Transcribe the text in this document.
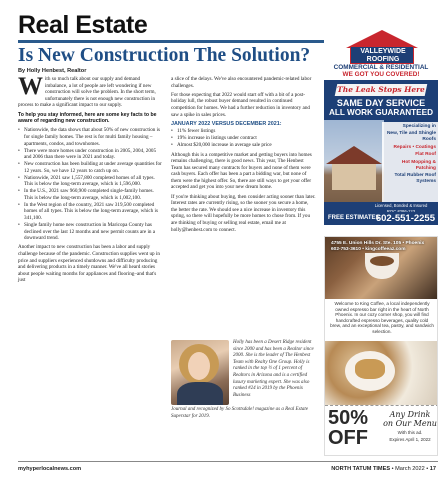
Real Estate
Is New Construction The Solution?
By Holly Henbest, Realtor

With so much talk about our supply and demand imbalance, a lot of people are left wondering if new construction will solve the problem. In the short term, unfortunately there is not enough new construction in process to make a significant impact to our supply.

To help you stay informed, here are some key facts to be aware of regarding new construction.

• Nationwide, the data shows that about 50% of new construction is for single family homes. The rest is for multi family housing – apartments, condos, and townhomes.
• There were more homes under construction in 2005, 2004, 2005 and 2006 than there were in 2021 and today.
• New construction has been building at under average quantities for 12 years. So, we have 12 years to catch up on.
• Nationwide, 2021 saw 1,557,800 completed homes of all types. This is below the long-term average, which is 1,596,000.
• In the U.S., 2021 saw 960,900 completed single-family homes. This is below the long-term average, which is 1,002,100.
• In the West region of the country, 2021 saw 319,500 completed homes of all types. This is below the long-term average, which is 341,100.
• Single family home new construction in Maricopa County has declined over the last 12 months and new permit counts are in a downward trend.

Another impact to new construction has been a labor and supply challenge because of the pandemic. Construction supplies went up in price and suppliers experienced shutdowns and difficulty producing and delivering products in a timely manner. We've all heard stories about people waiting months for appliances and flooring–and that's just

a slice of the delays. We've also encountered pandemic-related labor challenges.

For those expecting that 2022 would start off with a bit of a post-holiday lull, the robust buyer demand resulted in continued competition for homes. We had a further reduction in inventory and saw a spike in sales prices.

JANUARY 2022 VERSUS DECEMBER 2021:
• 11% fewer listings
• 19% increase in listings under contract
• Almost $20,000 increase in average sale price

Although this is a competitive market and getting buyers into homes remains challenging, there is good news. This year, The Henbest Team has secured many contracts for buyers and none of them were cash buyers. Each offer has been a part a bidding war, but none of them were the highest offer. So, there are still ways to get your offer accepted and get you into your new dream home.

If you're thinking about buying, then consider acting sooner than later. Interest rates are currently rising, so the sooner you secure a home, the better the rate. We should see a nice increase in inventory this spring, so there will hopefully be more homes to chose from. If you are thinking of buying or selling real estate, email me at holly@henbest.com to connect.

Holly has been a Desert Ridge resident since 2000 and has been a Realtor since 2000. She is the leader of The Henbest Team with Realty One Group. Holly is ranked in the top ½ of 1 percent of Realtors in Arizona and is a certified luxury marketing expert. She was also ranked #24 in 2019 by the Phoenix Business
Journal and recognized by So Scottsdale! magazine as a Real Estate Superstar for 2019.
VALLEYWIDE
ROOFING
COMMERCIAL & RESIDENTIAL
WE GOT YOU COVERED!
The Leak Stops Here
SAME DAY SERVICE
ALL WORK GUARANTEED
Specializing in
New, Tile and Shingle Roofs
Repairs • Coatings
Flat Roof
Hot Mopping & Patching
Total Rubber Roof Systems
Licensed, Bonded & Insured
FREE ESTIMATES
602-551-2255
4755 E. Union Hills Dr. Ste. 105 • Phoenix 602-753-3610 • kingcoffeeaz.com
Welcome to King Coffee, a local independently owned espresso bar right in the heart of North Phoenix. In our cozy corner shop, you will find handcrafted espresso beverages, quality cold brew, and an exceptional tea, pastry, and sandwich selection.
50%
OFF
Any Drink
on Our Menu
With this ad.
Expires April 1, 2022
myhyperlocalnews.com	NORTH TATUM TIMES • March 2022 • 17
